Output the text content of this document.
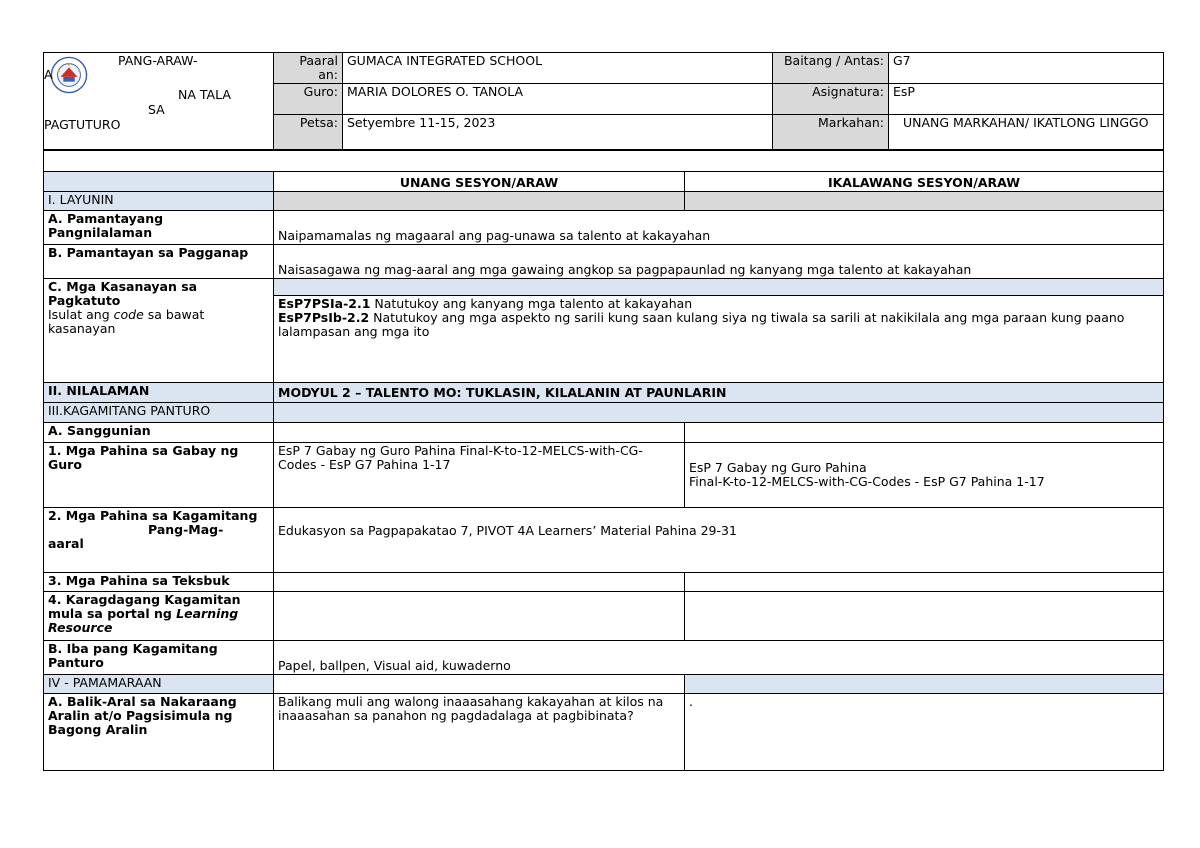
PANG-ARAW-
A
NA TALA
SA
PAGTUTURO	Paaral an:	GUMACA INTEGRATED SCHOOL	Baitang / Antas:	G7
	Guro:	MARIA DOLORES O. TANOLA	Asignatura:	EsP
	Petsa:	Setyembre 11-15, 2023	Markahan:	UNANG MARKAHAN/ IKATLONG LINGGO

	UNANG SESYON/ARAW	IKALAWANG SESYON/ARAW
I. LAYUNIN		
A. Pamantayang Pangnilalaman	Naipamamalas ng magaaral ang pag-unawa sa talento at kakayahan	
B. Pamantayan sa Pagganap	Naisasagawa ng mag-aaral ang mga gawaing angkop sa pagpapaunlad ng kanyang mga talento at kakayahan	
C. Mga Kasanayan sa Pagkatuto
Isulat ang code sa bawat kasanayan		
	EsP7PSIa-2.1 Natutukoy ang kanyang mga talento at kakayahan
EsP7PsIb-2.2 Natutukoy ang mga aspekto ng sarili kung saan kulang siya ng tiwala sa sarili at nakikilala ang mga paraan kung paano lalampasan ang mga ito	
II. NILALAMAN	MODYUL 2 – TALENTO MO: TUKLASIN, KILALANIN AT PAUNLARIN	
III.KAGAMITANG PANTURO		
A. Sanggunian		
1. Mga Pahina sa Gabay ng Guro	EsP 7 Gabay ng Guro Pahina Final-K-to-12-MELCS-with-CG-Codes - EsP G7 Pahina 1-17	EsP 7 Gabay ng Guro Pahina
Final-K-to-12-MELCS-with-CG-Codes - EsP G7 Pahina 1-17
2. Mga Pahina sa Kagamitang

Pang-Mag-
aaral	Edukasyon sa Pagpapakatao 7, PIVOT 4A Learners’ Material Pahina 29-31	

3. Mga Pahina sa Teksbuk		
4. Karagdagang Kagamitan mula sa portal ng Learning Resource		
B. Iba pang Kagamitang Panturo	Papel, ballpen, Visual aid, kuwaderno	
IV - PAMAMARAAN		
A. Balik-Aral sa Nakaraang Aralin at/o Pagsisimula ng Bagong Aralin	Balikang muli ang walong inaaasahang kakayahan at kilos na inaaasahan sa panahon ng pagdadalaga at pagbibinata?	.
